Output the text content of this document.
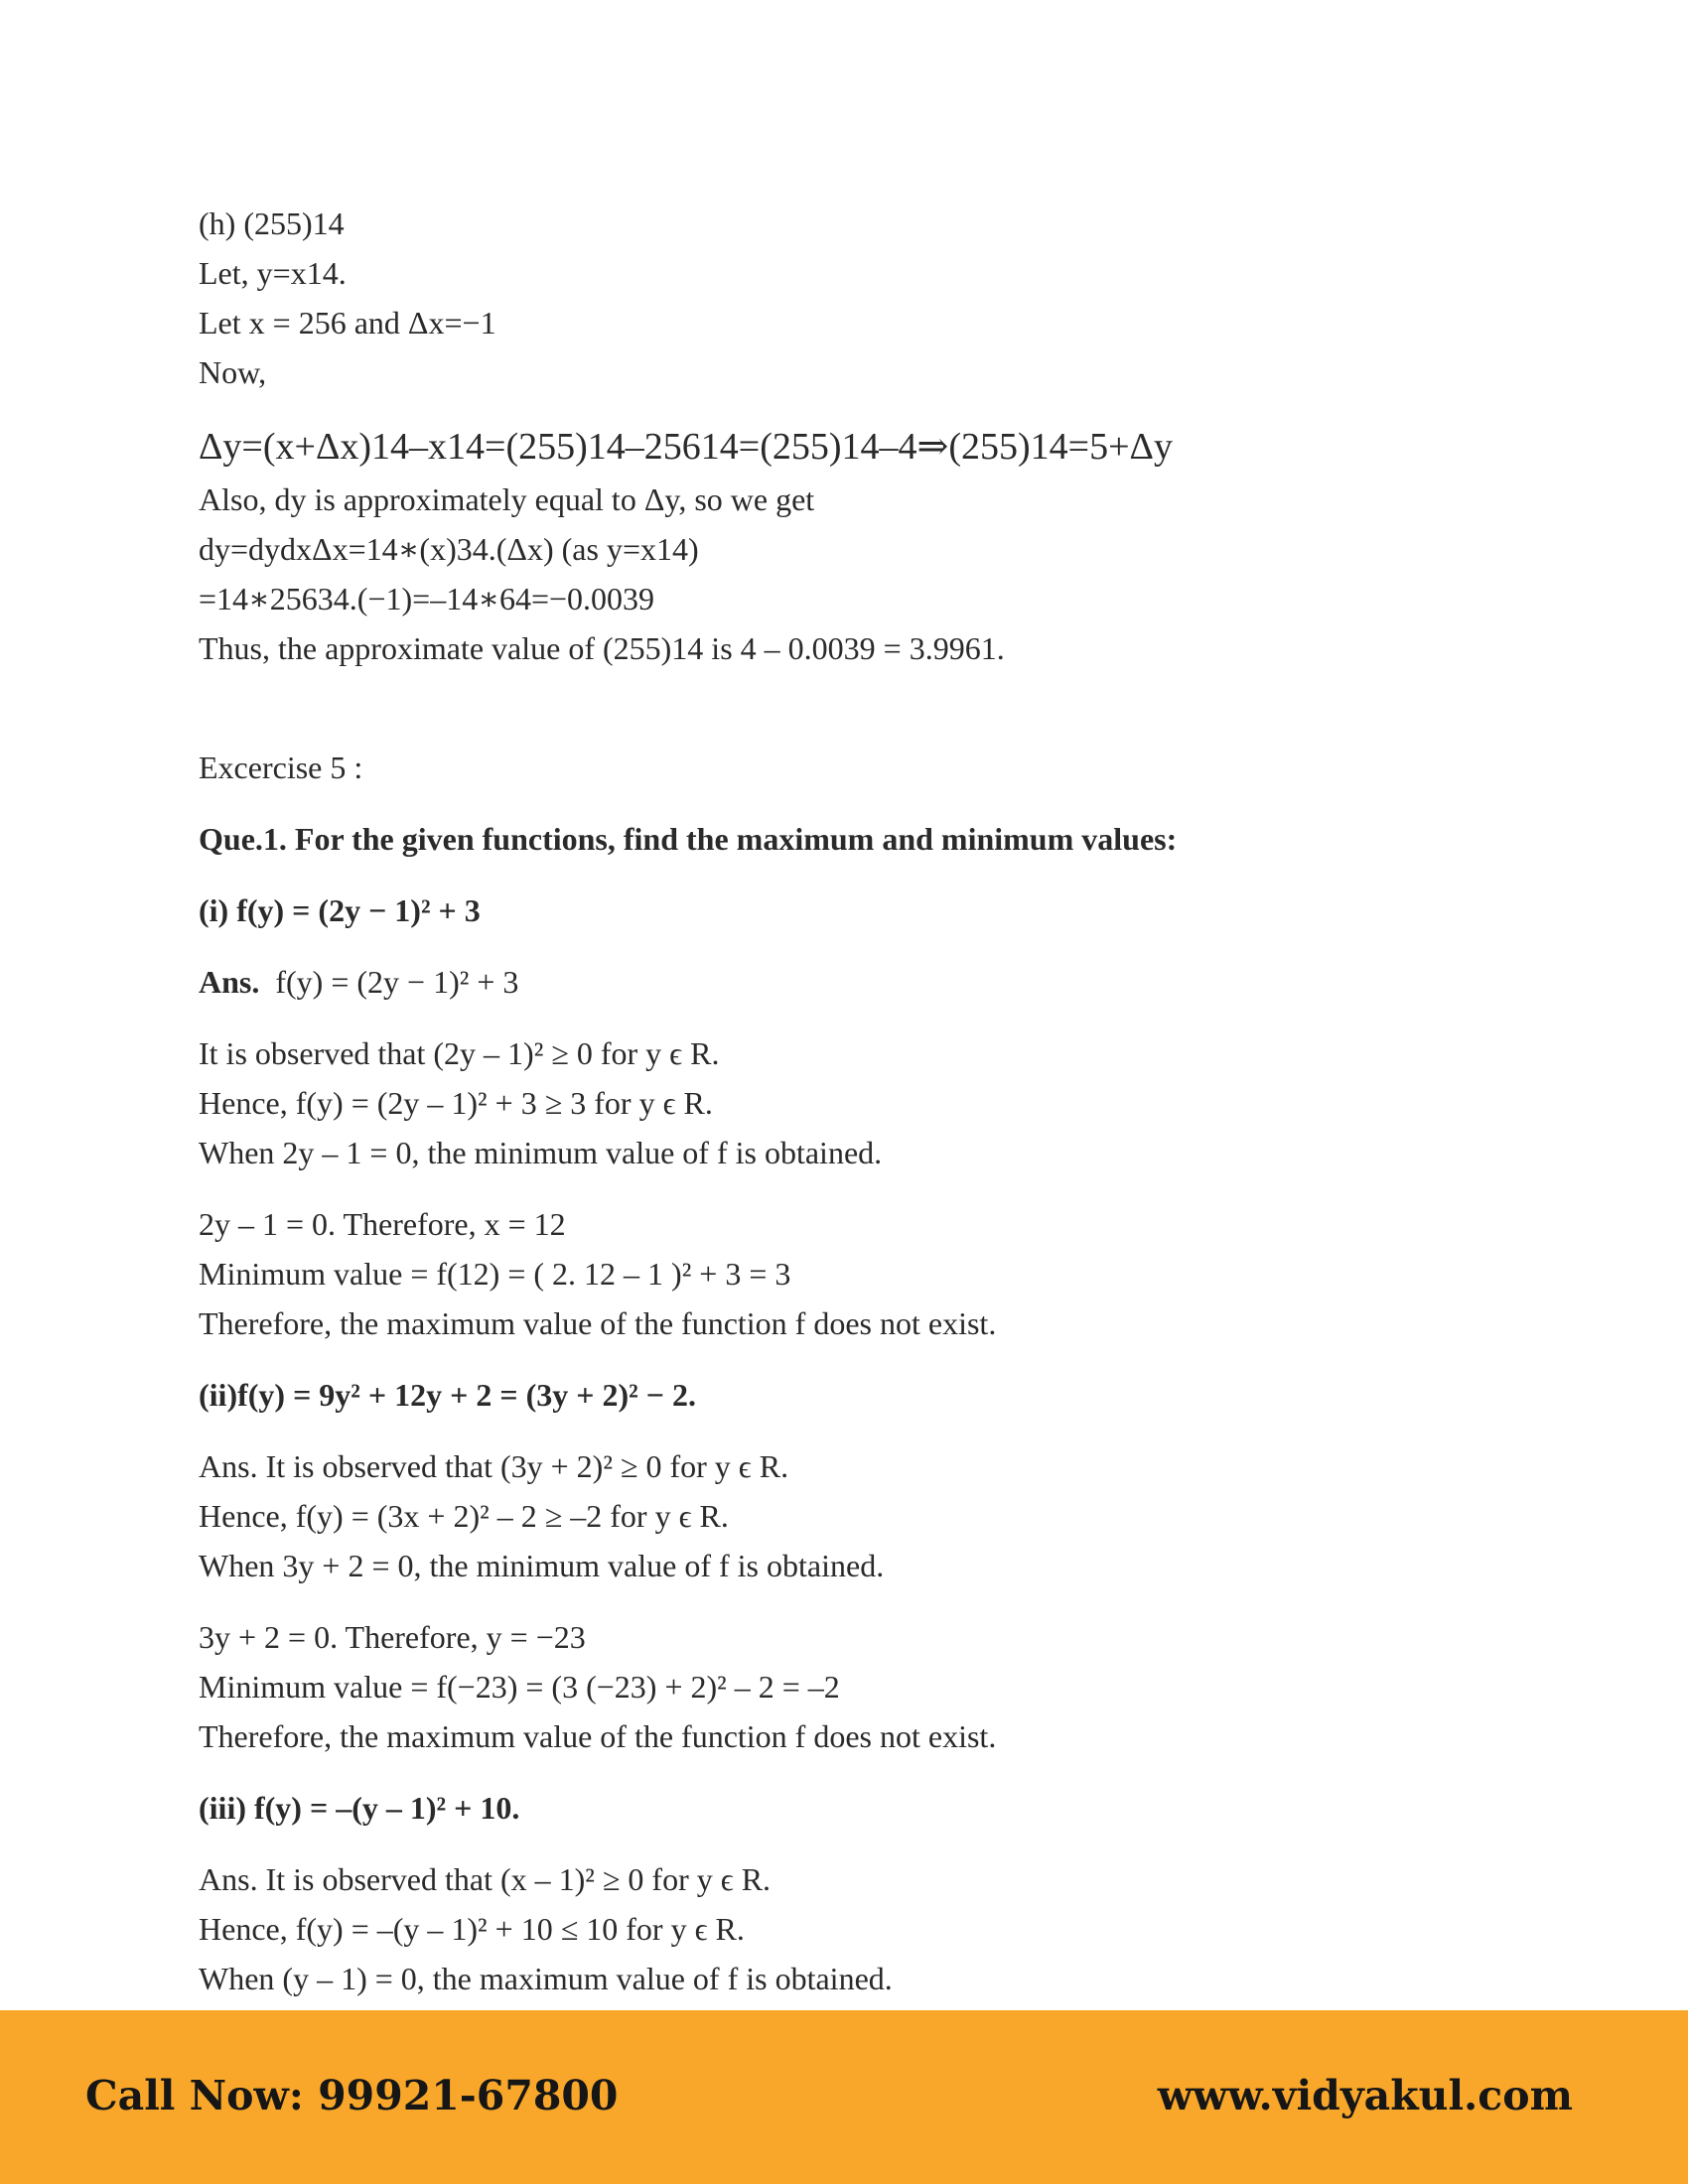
(h) (255)14
Let, y=x14.
Let x = 256 and Δx=−1
Now,
Δy=(x+Δx)14–x14=(255)14–25614=(255)14–4⇒(255)14=5+Δy
Also, dy is approximately equal to Δy, so we get
dy=dydxΔx=14∗(x)34.(Δx) (as y=x14)
=14∗25634.(−1)=–14∗64=−0.0039
Thus, the approximate value of (255)14 is 4 – 0.0039 = 3.9961.
Excercise 5 :
Que.1. For the given functions, find the maximum and minimum values:
(i) f(y) = (2y − 1)² + 3
Ans. f(y) = (2y − 1)² + 3
It is observed that (2y – 1)² ≥ 0 for y ϵ R.
Hence, f(y) = (2y – 1)² + 3 ≥ 3 for y ϵ R.
When 2y – 1 = 0, the minimum value of f is obtained.
2y – 1 = 0. Therefore, x = 12
Minimum value = f(12) = ( 2. 12 – 1 )² + 3 = 3
Therefore, the maximum value of the function f does not exist.
(ii)f(y) = 9y² + 12y + 2 = (3y + 2)² − 2.
Ans. It is observed that (3y + 2)² ≥ 0 for y ϵ R.
Hence, f(y) = (3x + 2)² – 2 ≥ –2 for y ϵ R.
When 3y + 2 = 0, the minimum value of f is obtained.
3y + 2 = 0. Therefore, y = −23
Minimum value = f(−23) = (3 (−23) + 2)² – 2 = –2
Therefore, the maximum value of the function f does not exist.
(iii) f(y) = –(y – 1)² + 10.
Ans. It is observed that (x – 1)² ≥ 0 for y ϵ R.
Hence, f(y) = –(y – 1)² + 10 ≤ 10 for y ϵ R.
When (y – 1) = 0, the maximum value of f is obtained.
Call Now: 99921-67800	www.vidyakul.com
